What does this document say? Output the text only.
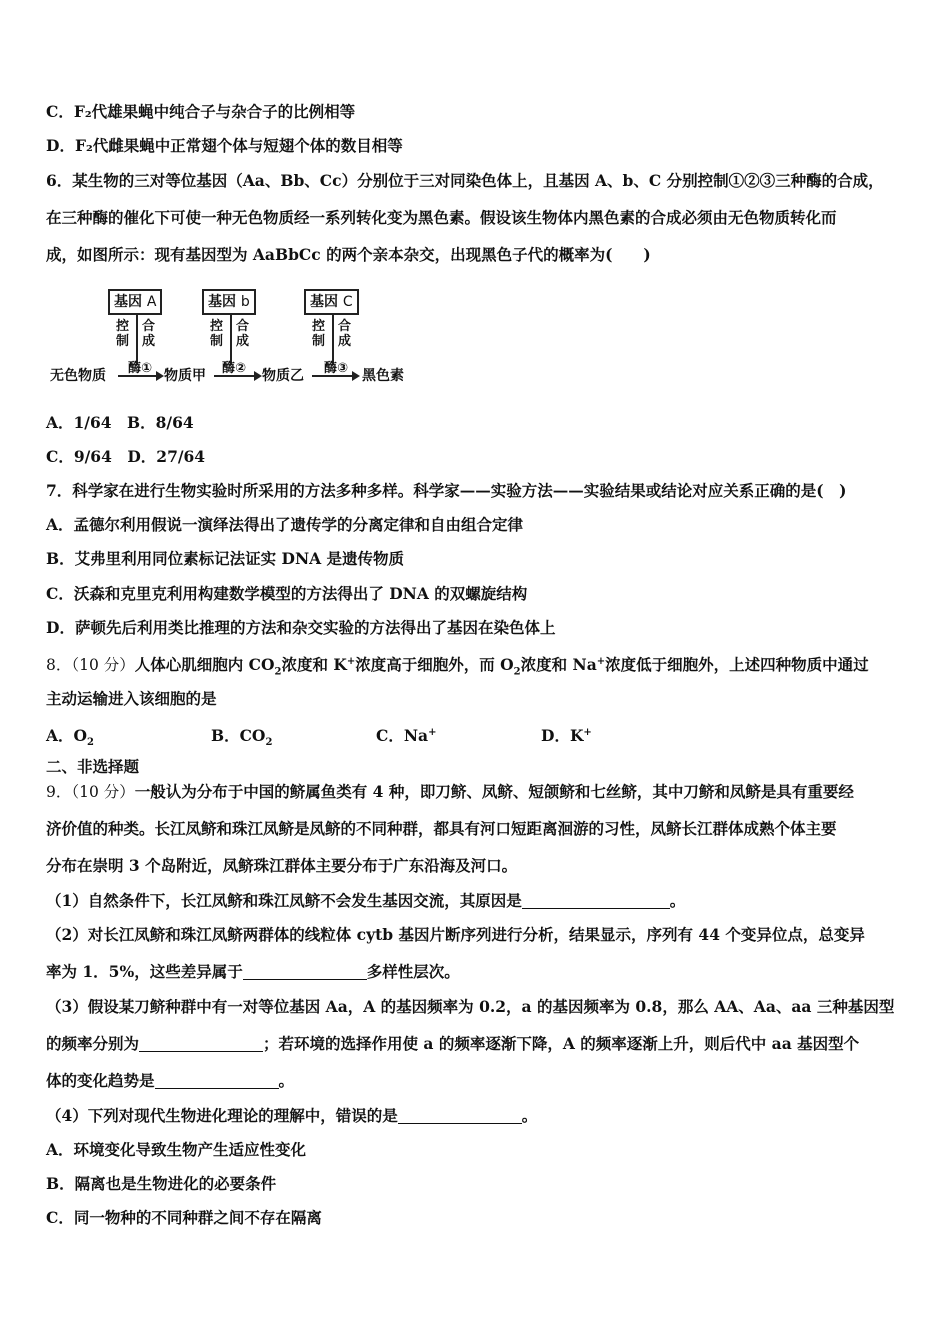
C．F₂代雄果蝇中纯合子与杂合子的比例相等
D．F₂代雌果蝇中正常翅个体与短翅个体的数目相等
6．某生物的三对等位基因（Aa、Bb、Cc）分别位于三对同染色体上，且基因 A、b、C 分别控制①②③三种酶的合成，
在三种酶的催化下可使一种无色物质经一系列转化变为黑色素。假设该生物体内黑色素的合成必须由无色物质转化而
成，如图所示：现有基因型为 AaBbCc 的两个亲本杂交，出现黑色子代的概率为(　　)
基因 A	基因 b	基因 C
控制
合成
控制
合成
控制
合成
无色物质 酶① 物质甲 酶② 物质乙 酶③ 黑色素
A．1/64　B．8/64
C．9/64　D．27/64
7．科学家在进行生物实验时所采用的方法多种多样。科学家——实验方法——实验结果或结论对应关系正确的是(　)
A．孟德尔利用假说一演绎法得出了遗传学的分离定律和自由组合定律
B．艾弗里利用同位素标记法证实 DNA 是遗传物质
C．沃森和克里克利用构建数学模型的方法得出了 DNA 的双螺旋结构
D．萨顿先后利用类比推理的方法和杂交实验的方法得出了基因在染色体上
8．（10 分）人体心肌细胞内 $CO_2$浓度和 K+浓度高于细胞外，而 $O_2$浓度和 Na+浓度低于细胞外，上述四种物质中通过
主动运输进入该细胞的是
A．$O_2$	B．$CO_2$	C．Na+	D．K+
二、非选择题
9．（10 分）一般认为分布于中国的鲚属鱼类有 4 种，即刀鲚、凤鲚、短颌鲚和七丝鲚，其中刀鲚和凤鲚是具有重要经
济价值的种类。长江凤鲚和珠江凤鲚是凤鲚的不同种群，都具有河口短距离洄游的习性，凤鲚长江群体成熟个体主要
分布在崇明 3 个岛附近，凤鲚珠江群体主要分布于广东沿海及河口。
（1）自然条件下，长江凤鲚和珠江凤鲚不会发生基因交流，其原因是	。
（2）对长江凤鲚和珠江凤鲚两群体的线粒体 cytb 基因片断序列进行分析，结果显示，序列有 44 个变异位点，总变异
率为 1．5%，这些差异属于	多样性层次。
（3）假设某刀鲚种群中有一对等位基因 Aa，A 的基因频率为 0.2，a 的基因频率为 0.8，那么 AA、Aa、aa 三种基因型
的频率分别为	；若环境的选择作用使 a 的频率逐渐下降，A 的频率逐渐上升，则后代中 aa 基因型个
体的变化趋势是	。
（4）下列对现代生物进化理论的理解中，错误的是	。
A．环境变化导致生物产生适应性变化
B．隔离也是生物进化的必要条件
C．同一物种的不同种群之间不存在隔离
